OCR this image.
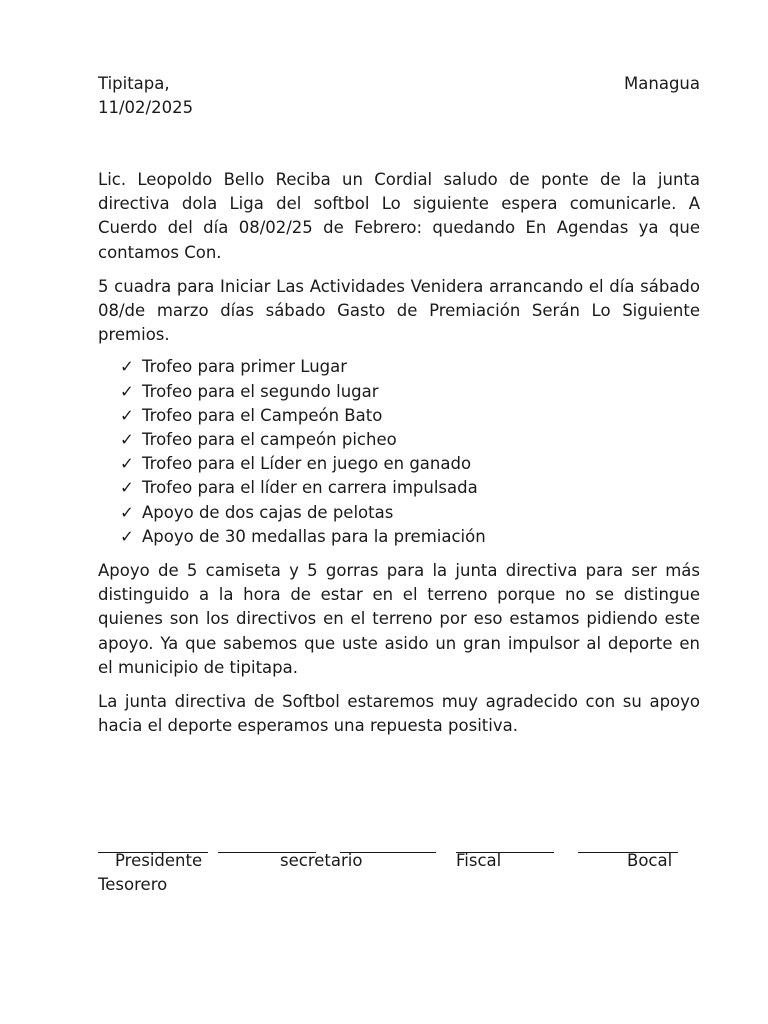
Tipitapa,	Managua
11/02/2025

Lic. Leopoldo Bello Reciba un Cordial saludo de ponte de la junta directiva dola Liga del softbol Lo siguiente espera comunicarle. A Cuerdo del día 08/02/25 de Febrero: quedando En Agendas ya que contamos Con.

5 cuadra para Iniciar Las Actividades Venidera arrancando el día sábado 08/de marzo días sábado Gasto de Premiación Serán Lo Siguiente premios.

✓ Trofeo para primer Lugar
✓ Trofeo para el segundo lugar
✓ Trofeo para el Campeón Bato
✓ Trofeo para el campeón picheo
✓ Trofeo para el Líder en juego en ganado
✓ Trofeo para el líder en carrera impulsada
✓ Apoyo de dos cajas de pelotas
✓ Apoyo de 30 medallas para la premiación

Apoyo de 5 camiseta y 5 gorras para la junta directiva para ser más distinguido a la hora de estar en el terreno porque no se distingue quienes son los directivos en el terreno por eso estamos pidiendo este apoyo. Ya que sabemos que uste asido un gran impulsor al deporte en el municipio de tipitapa.

La junta directiva de Softbol estaremos muy agradecido con su apoyo hacia el deporte esperamos una repuesta positiva.

Presidente	secretario	Fiscal	Bocal
Tesorero
